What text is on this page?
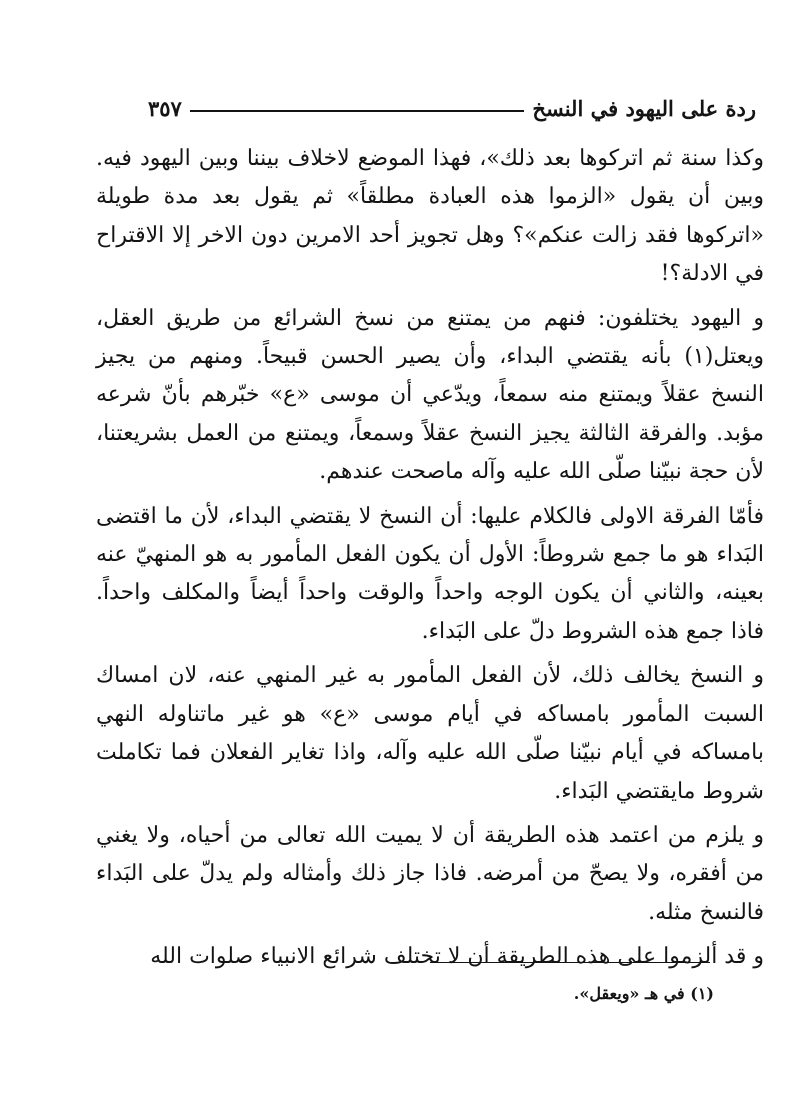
ردة على اليهود في النسخ
٣٥٧

وكذا سنة ثم اتركوها بعد ذلك»، فهذا الموضع لاخلاف بيننا وبين اليهود فيه. وبين أن يقول «الزموا هذه العبادة مطلقاً» ثم يقول بعد مدة طويلة «اتركوها فقد زالت عنكم»؟ وهل تجويز أحد الامرين دون الاخر إلا الاقتراح في الادلة؟!

و اليهود يختلفون: فنهم من يمتنع من نسخ الشرائع من طريق العقل، ويعتل(١) بأنه يقتضي البداء، وأن يصير الحسن قبيحاً. ومنهم من يجيز النسخ عقلاً ويمتنع منه سمعاً، ويدّعي أن موسى «ع» خبّرهم بأنّ شرعه مؤبد. والفرقة الثالثة يجيز النسخ عقلاً وسمعاً، ويمتنع من العمل بشريعتنا، لأن حجة نبيّنا صلّى الله عليه وآله ماصحت عندهم.

فأمّا الفرقة الاولى فالكلام عليها: أن النسخ لا يقتضي البداء، لأن ما اقتضى البَداء هو ما جمع شروطاً: الأول أن يكون الفعل المأمور به هو المنهيّ عنه بعينه، والثاني أن يكون الوجه واحداً والوقت واحداً أيضاً والمكلف واحداً. فاذا جمع هذه الشروط دلّ على البَداء.

و النسخ يخالف ذلك، لأن الفعل المأمور به غير المنهي عنه، لان امساك السبت المأمور بامساكه في أيام موسى «ع» هو غير ماتناوله النهي بامساكه في أيام نبيّنا صلّى الله عليه وآله، واذا تغاير الفعلان فما تكاملت شروط مايقتضي البَداء.

و يلزم من اعتمد هذه الطريقة أن لا يميت الله تعالى من أحياه، ولا يغني من أفقره، ولا يصحّ من أمرضه. فاذا جاز ذلك وأمثاله ولم يدلّ على البَداء فالنسخ مثله.

و قد ألزموا على هذه الطريقة أن لا تختلف شرائع الانبياء صلوات الله

(١) في هـ «ويعقل».
